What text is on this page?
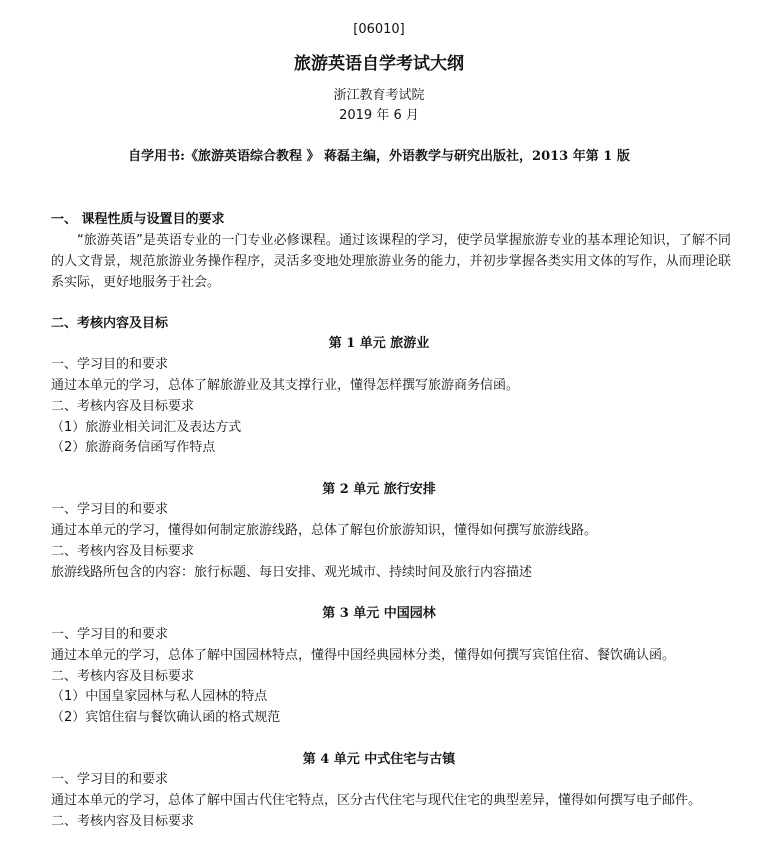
[06010]
旅游英语自学考试大纲
浙江教育考试院
2019 年 6 月
自学用书:《旅游英语综合教程 》 蒋磊主编，外语教学与研究出版社，2013 年第 1 版
一、 课程性质与设置目的要求
“旅游英语”是英语专业的一门专业必修课程。通过该课程的学习，使学员掌握旅游专业的基本理论知识，了解不同的人文背景，规范旅游业务操作程序，灵活多变地处理旅游业务的能力，并初步掌握各类实用文体的写作，从而理论联系实际，更好地服务于社会。
二、考核内容及目标
第 1 单元 旅游业
一、学习目的和要求
通过本单元的学习，总体了解旅游业及其支撑行业，懂得怎样撰写旅游商务信函。
二、考核内容及目标要求
（1）旅游业相关词汇及表达方式
（2）旅游商务信函写作特点
第 2 单元 旅行安排
一、学习目的和要求
通过本单元的学习，懂得如何制定旅游线路，总体了解包价旅游知识，懂得如何撰写旅游线路。
二、考核内容及目标要求
旅游线路所包含的内容：旅行标题、每日安排、观光城市、持续时间及旅行内容描述
第 3 单元 中国园林
一、学习目的和要求
通过本单元的学习，总体了解中国园林特点，懂得中国经典园林分类，懂得如何撰写宾馆住宿、餐饮确认函。
二、考核内容及目标要求
（1）中国皇家园林与私人园林的特点
（2）宾馆住宿与餐饮确认函的格式规范
第 4 单元 中式住宅与古镇
一、学习目的和要求
通过本单元的学习，总体了解中国古代住宅特点，区分古代住宅与现代住宅的典型差异，懂得如何撰写电子邮件。
二、考核内容及目标要求
